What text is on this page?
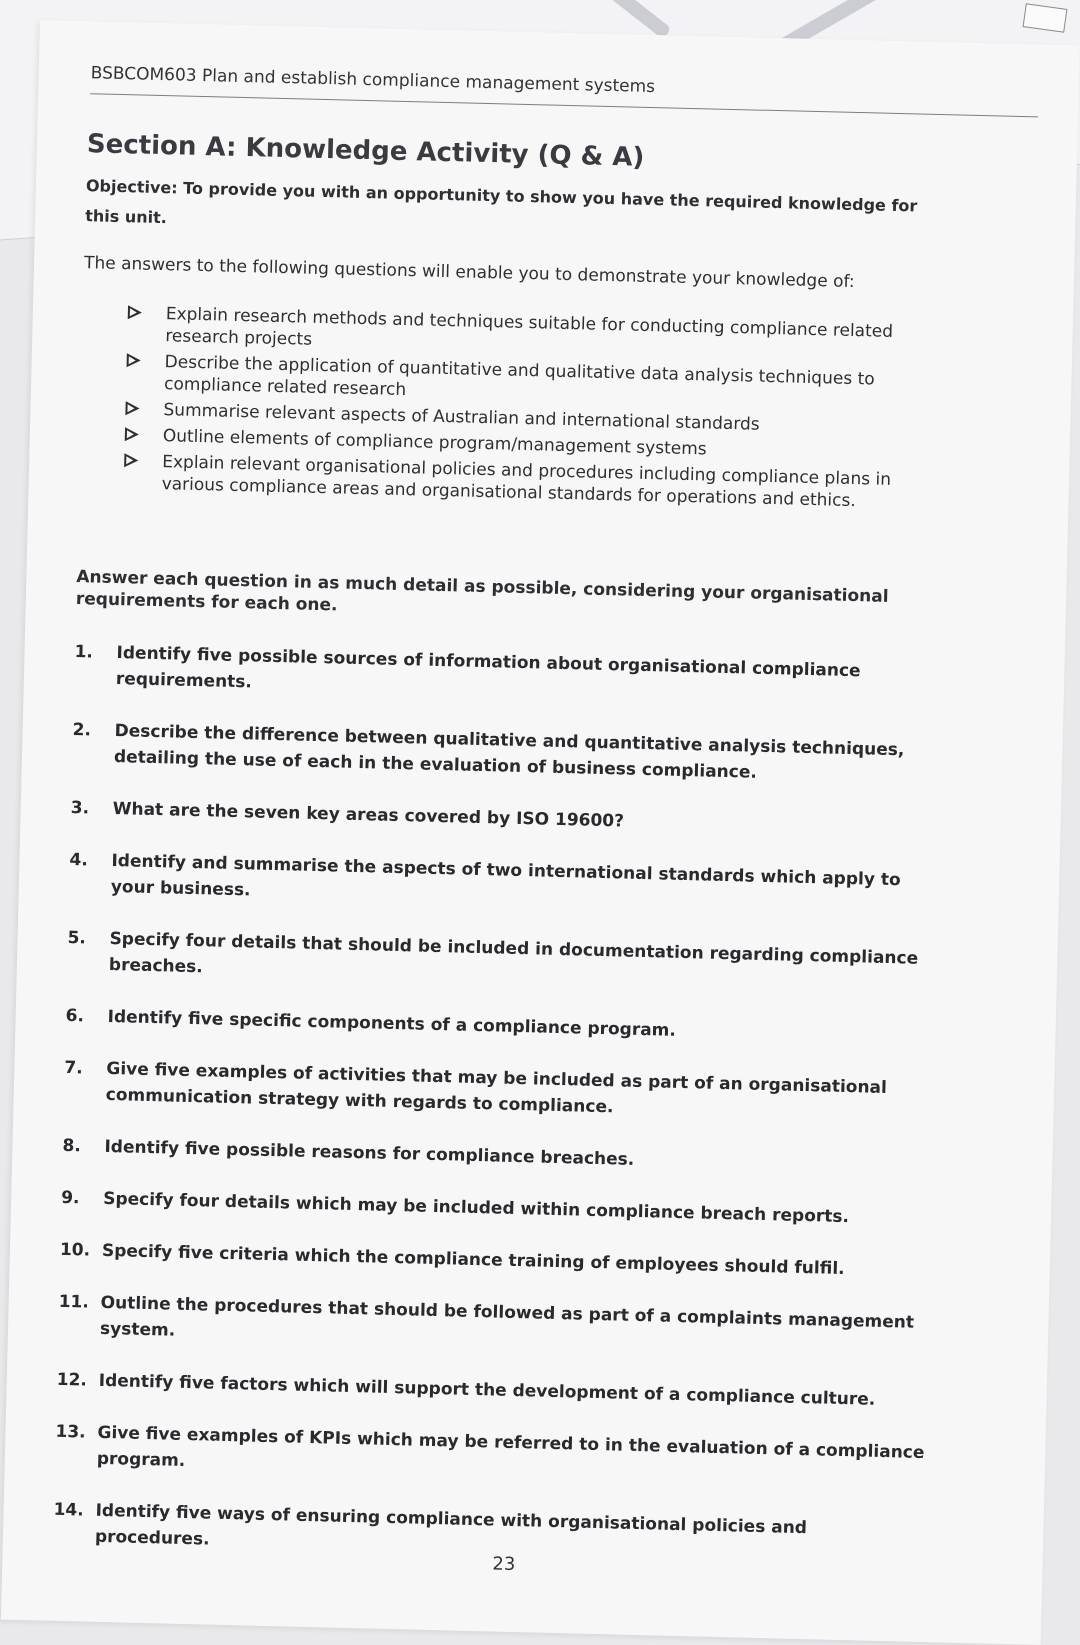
BSBCOM603 Plan and establish compliance management systems
Section A: Knowledge Activity (Q & A)
Objective: To provide you with an opportunity to show you have the required knowledge for this unit.
The answers to the following questions will enable you to demonstrate your knowledge of:
Explain research methods and techniques suitable for conducting compliance related research projects
Describe the application of quantitative and qualitative data analysis techniques to compliance related research
Summarise relevant aspects of Australian and international standards
Outline elements of compliance program/management systems
Explain relevant organisational policies and procedures including compliance plans in various compliance areas and organisational standards for operations and ethics.
Answer each question in as much detail as possible, considering your organisational requirements for each one.
1.	Identify five possible sources of information about organisational compliance requirements.
2.	Describe the difference between qualitative and quantitative analysis techniques, detailing the use of each in the evaluation of business compliance.
3.	What are the seven key areas covered by ISO 19600?
4.	Identify and summarise the aspects of two international standards which apply to your business.
5.	Specify four details that should be included in documentation regarding compliance breaches.
6.	Identify five specific components of a compliance program.
7.	Give five examples of activities that may be included as part of an organisational communication strategy with regards to compliance.
8.	Identify five possible reasons for compliance breaches.
9.	Specify four details which may be included within compliance breach reports.
10. Specify five criteria which the compliance training of employees should fulfil.
11. Outline the procedures that should be followed as part of a complaints management system.
12. Identify five factors which will support the development of a compliance culture.
13. Give five examples of KPIs which may be referred to in the evaluation of a compliance program.
14. Identify five ways of ensuring compliance with organisational policies and procedures.
23
